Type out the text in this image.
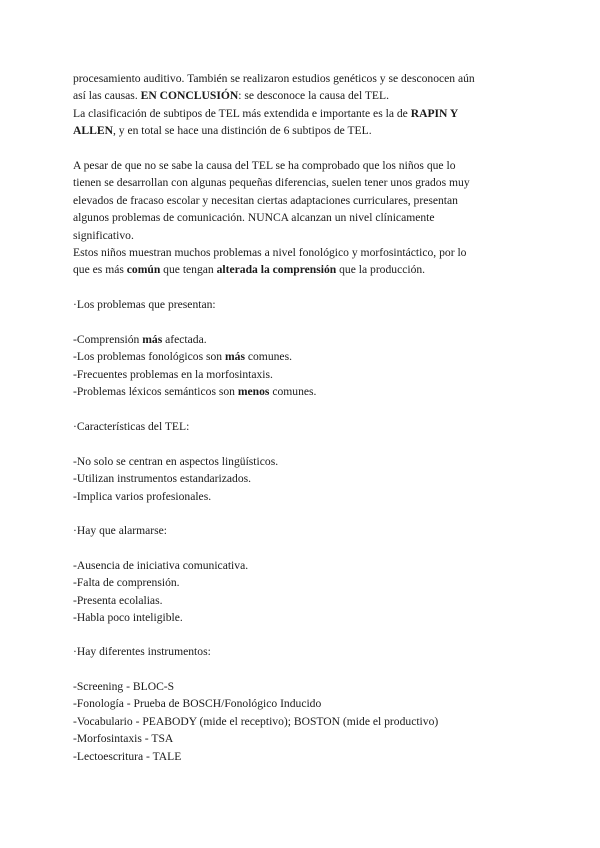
procesamiento auditivo. También se realizaron estudios genéticos y se desconocen aún
así las causas. EN CONCLUSIÓN: se desconoce la causa del TEL.
La clasificación de subtipos de TEL más extendida e importante es la de RAPIN Y
ALLEN, y en total se hace una distinción de 6 subtipos de TEL.
A pesar de que no se sabe la causa del TEL se ha comprobado que los niños que lo
tienen se desarrollan con algunas pequeñas diferencias, suelen tener unos grados muy
elevados de fracaso escolar y necesitan ciertas adaptaciones curriculares, presentan
algunos problemas de comunicación. NUNCA alcanzan un nivel clínicamente
significativo.
Estos niños muestran muchos problemas a nivel fonológico y morfosintáctico, por lo
que es más común que tengan alterada la comprensión que la producción.
·Los problemas que presentan:
-Comprensión más afectada.
-Los problemas fonológicos son más comunes.
-Frecuentes problemas en la morfosintaxis.
-Problemas léxicos semánticos son menos comunes.
·Características del TEL:
-No solo se centran en aspectos lingüísticos.
-Utilizan instrumentos estandarizados.
-Implica varios profesionales.
·Hay que alarmarse:
-Ausencia de iniciativa comunicativa.
-Falta de comprensión.
-Presenta ecolalias.
-Habla poco inteligible.
·Hay diferentes instrumentos:
-Screening - BLOC-S
-Fonología - Prueba de BOSCH/Fonológico Inducido
-Vocabulario - PEABODY (mide el receptivo); BOSTON (mide el productivo)
-Morfosintaxis - TSA
-Lectoescritura - TALE
